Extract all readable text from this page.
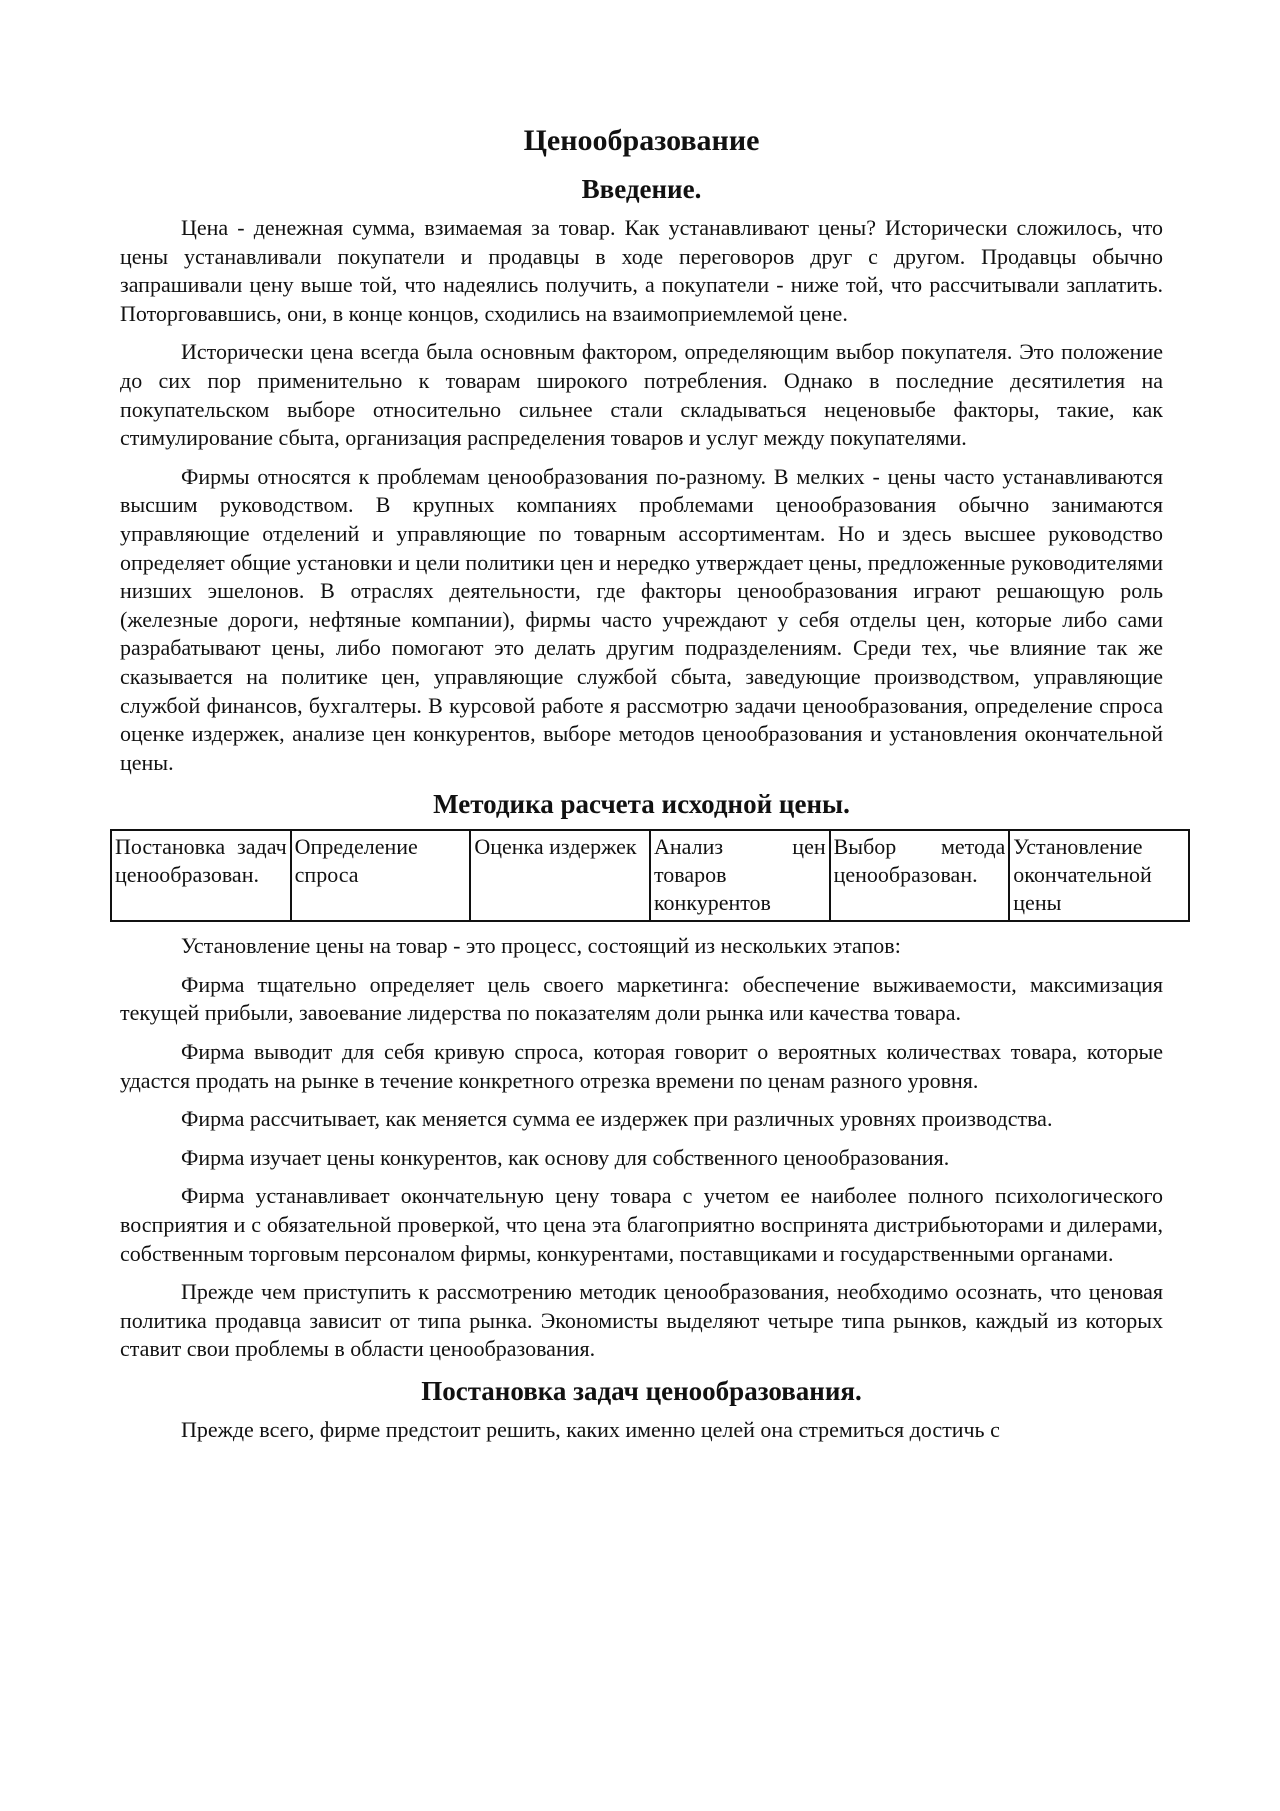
Ценообразование
Введение.

Цена - денежная сумма, взимаемая за товар. Как устанавливают цены? Исторически сложилось, что цены устанавливали покупатели и продавцы в ходе переговоров друг с другом. Продавцы обычно запрашивали цену выше той, что надеялись получить, а покупатели - ниже той, что рассчитывали заплатить. Поторговавшись, они, в конце концов, сходились на взаимоприемлемой цене.

Исторически цена всегда была основным фактором, определяющим выбор покупателя. Это положение до сих пор применительно к товарам широкого потребления. Однако в последние десятилетия на покупательском выборе относительно сильнее стали складываться неценовыбе факторы, такие, как стимулирование сбыта, организация распределения товаров и услуг между покупателями.

Фирмы относятся к проблемам ценообразования по-разному. В мелких - цены часто устанавливаются высшим руководством. В крупных компаниях проблемами ценообразования обычно занимаются управляющие отделений и управляющие по товарным ассортиментам. Но и здесь высшее руководство определяет общие установки и цели политики цен и нередко утверждает цены, предложенные руководителями низших эшелонов. В отраслях деятельности, где факторы ценообразования играют решающую роль (железные дороги, нефтяные компании), фирмы часто учреждают у себя отделы цен, которые либо сами разрабатывают цены, либо помогают это делать другим подразделениям. Среди тех, чье влияние так же сказывается на политике цен, управляющие службой сбыта, заведующие производством, управляющие службой финансов, бухгалтеры. В курсовой работе я рассмотрю задачи ценообразования, определение спроса оценке издержек, анализе цен конкурентов, выборе методов ценообразования и установления окончательной цены.

Методика расчета исходной цены.
Постановка задач ценообразован.	Определение спроса	Оценка издержек	Анализ цен товаров конкурентов	Выбор метода ценообразован.	Установление окончательной цены

Установление цены на товар - это процесс, состоящий из нескольких этапов:

Фирма тщательно определяет цель своего маркетинга: обеспечение выживаемости, максимизация текущей прибыли, завоевание лидерства по показателям доли рынка или качества товара.

Фирма выводит для себя кривую спроса, которая говорит о вероятных количествах товара, которые удастся продать на рынке в течение конкретного отрезка времени по ценам разного уровня.

Фирма рассчитывает, как меняется сумма ее издержек при различных уровнях производства.

Фирма изучает цены конкурентов, как основу для собственного ценообразования.

Фирма устанавливает окончательную цену товара с учетом ее наиболее полного психологического восприятия и с обязательной проверкой, что цена эта благоприятно воспринята дистрибьюторами и дилерами, собственным торговым персоналом фирмы, конкурентами, поставщиками и государственными органами.

Прежде чем приступить к рассмотрению методик ценообразования, необходимо осознать, что ценовая политика продавца зависит от типа рынка. Экономисты выделяют четыре типа рынков, каждый из которых ставит свои проблемы в области ценообразования.

Постановка задач ценообразования.

Прежде всего, фирме предстоит решить, каких именно целей она стремиться достичь с
